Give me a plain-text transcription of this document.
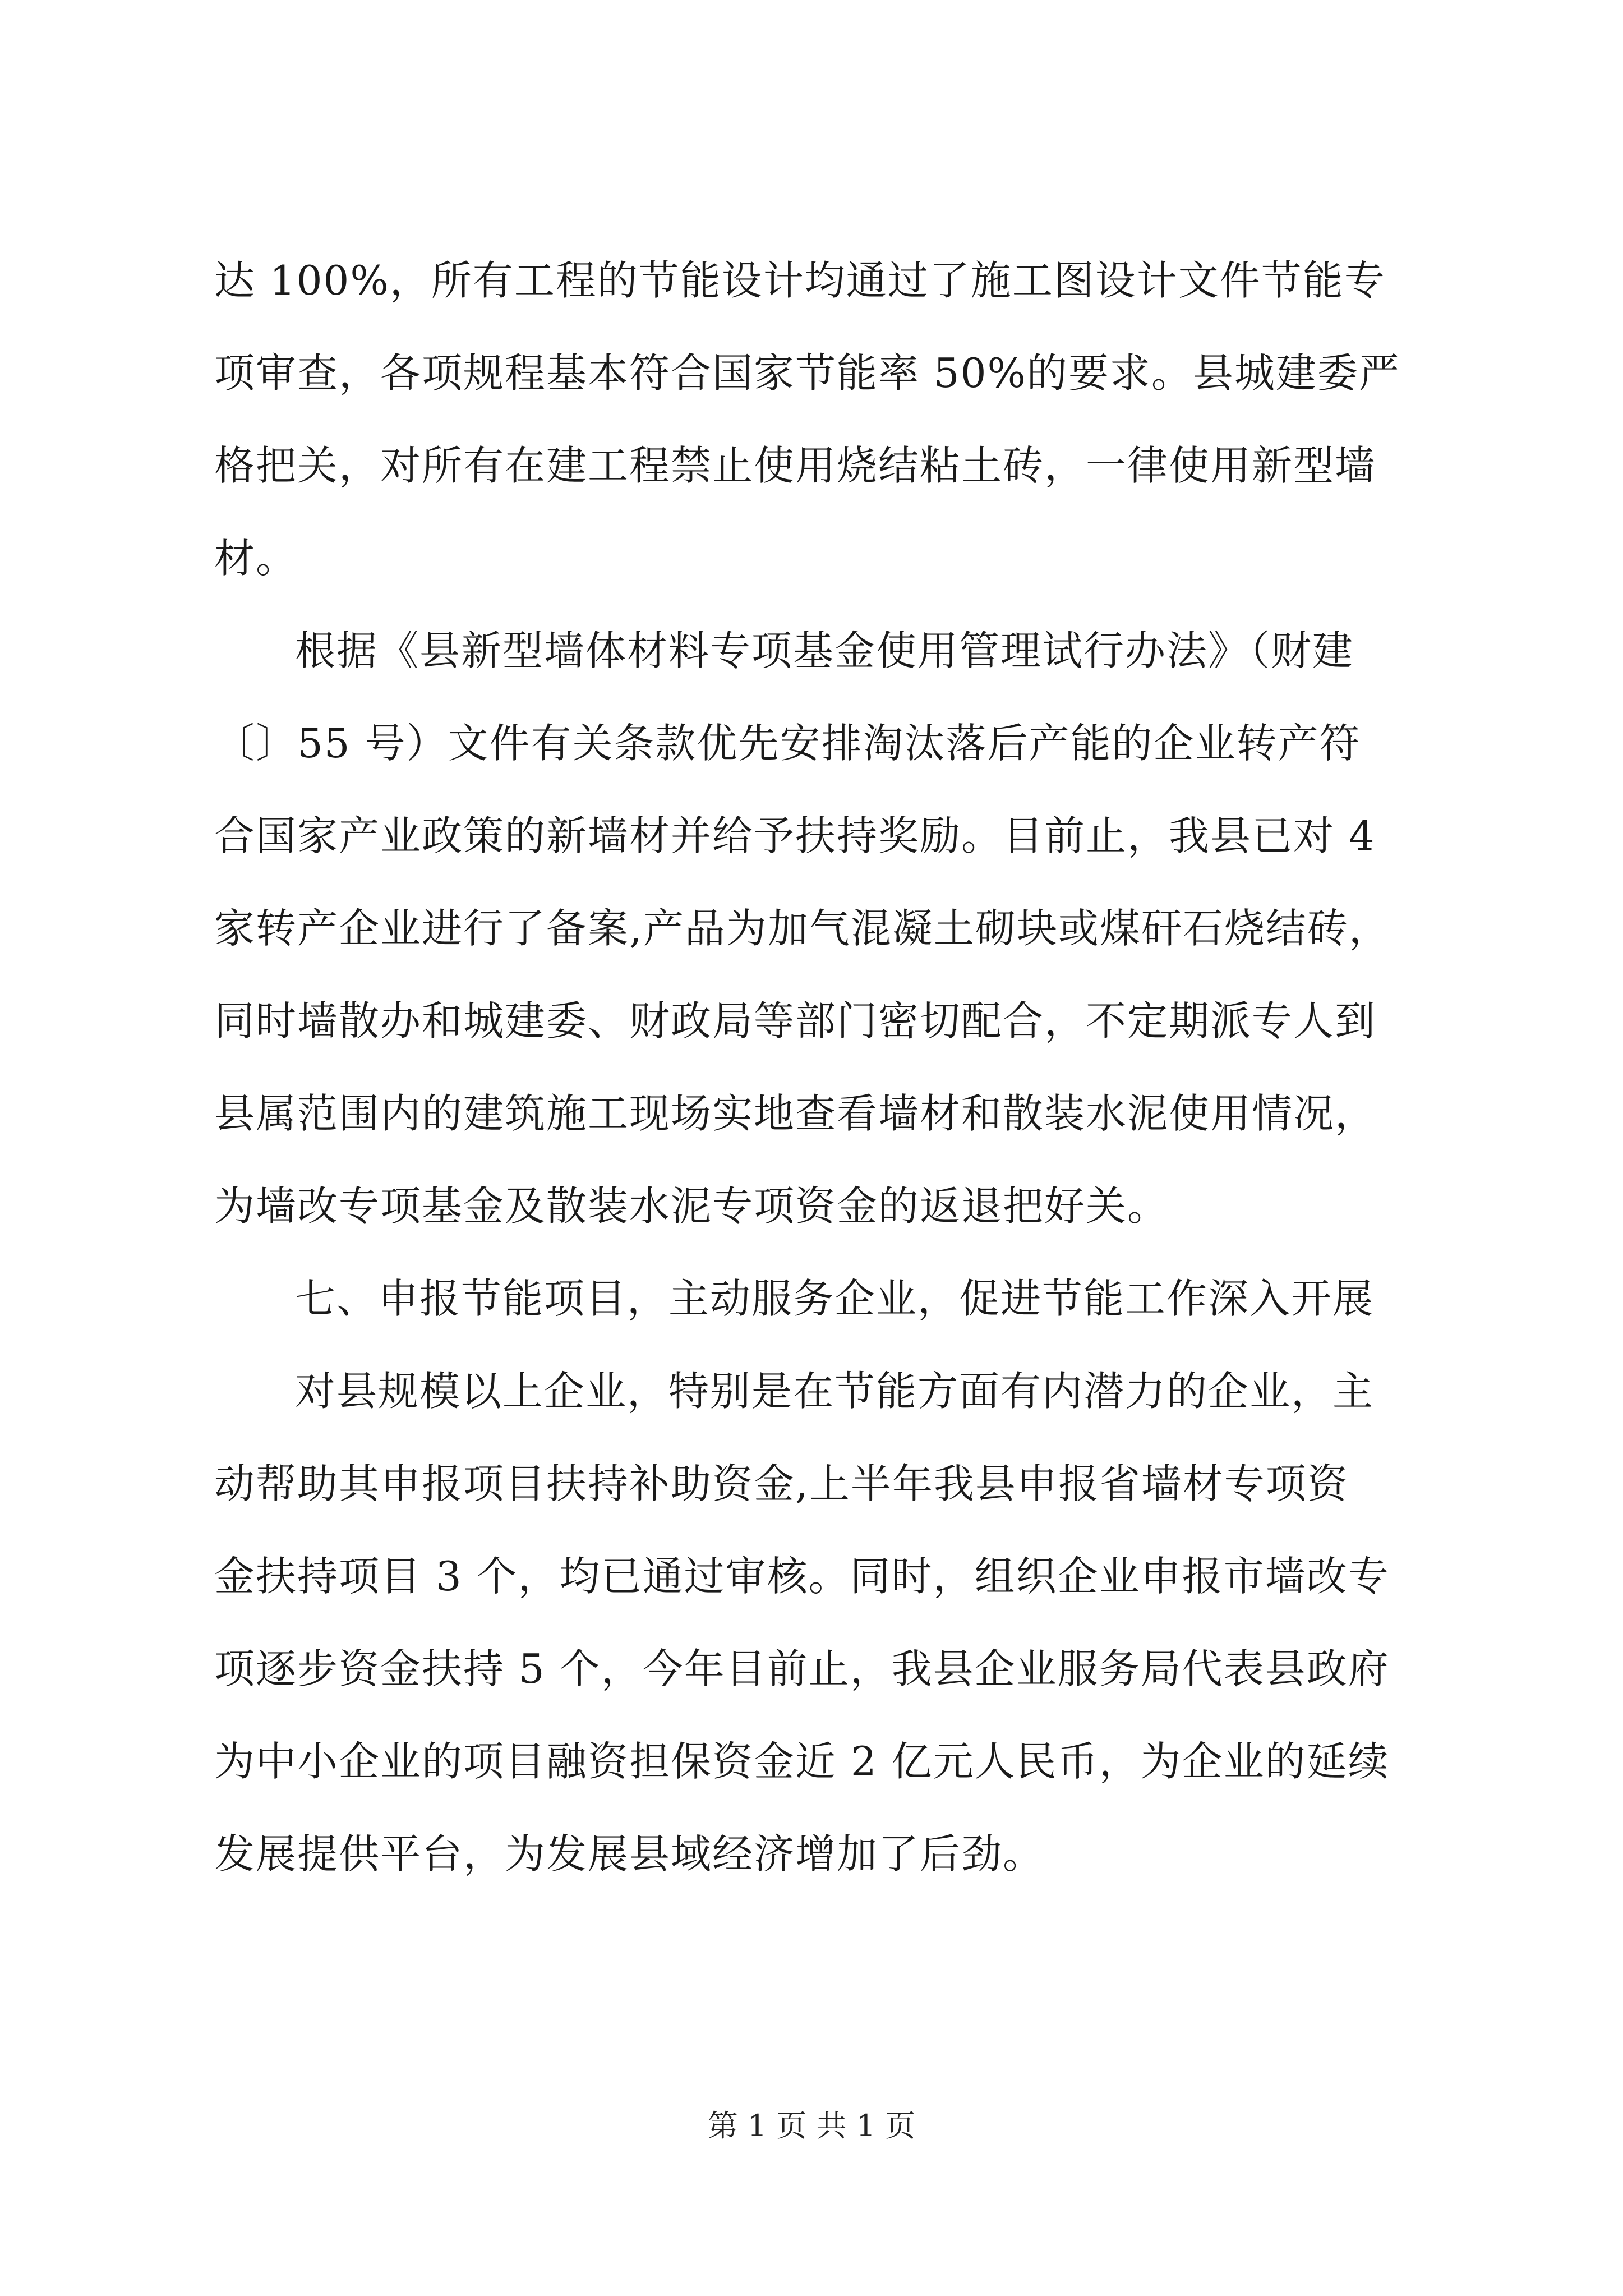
达 100%，所有工程的节能设计均通过了施工图设计文件节能专
项审查，各项规程基本符合国家节能率 50%的要求。县城建委严
格把关，对所有在建工程禁止使用烧结粘土砖，一律使用新型墙
材。
根据《县新型墙体材料专项基金使用管理试行办法》（财建
〔〕55 号）文件有关条款优先安排淘汰落后产能的企业转产符
合国家产业政策的新墙材并给予扶持奖励。目前止，我县已对 4
家转产企业进行了备案,产品为加气混凝土砌块或煤矸石烧结砖，
同时墙散办和城建委、财政局等部门密切配合，不定期派专人到
县属范围内的建筑施工现场实地查看墙材和散装水泥使用情况，
为墙改专项基金及散装水泥专项资金的返退把好关。
七、申报节能项目，主动服务企业，促进节能工作深入开展
对县规模以上企业，特别是在节能方面有内潜力的企业，主
动帮助其申报项目扶持补助资金,上半年我县申报省墙材专项资
金扶持项目 3 个，均已通过审核。同时，组织企业申报市墙改专
项逐步资金扶持 5 个，今年目前止，我县企业服务局代表县政府
为中小企业的项目融资担保资金近 2 亿元人民币，为企业的延续
发展提供平台，为发展县域经济增加了后劲。
第 1 页 共 1 页
